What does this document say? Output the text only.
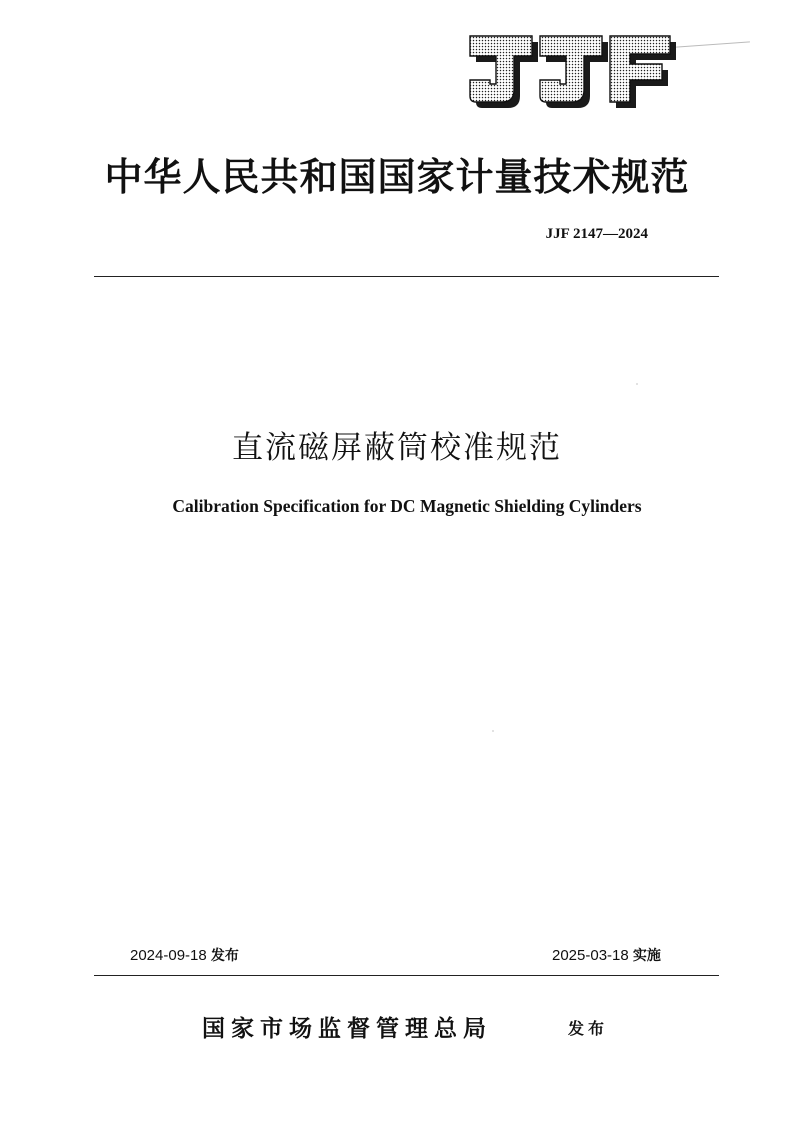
中华人民共和国国家计量技术规范
JJF 2147—2024
直流磁屏蔽筒校准规范
Calibration Specification for DC Magnetic Shielding Cylinders
2024-09-18 发布	2025-03-18 实施
国家市场监督管理总局	发布
